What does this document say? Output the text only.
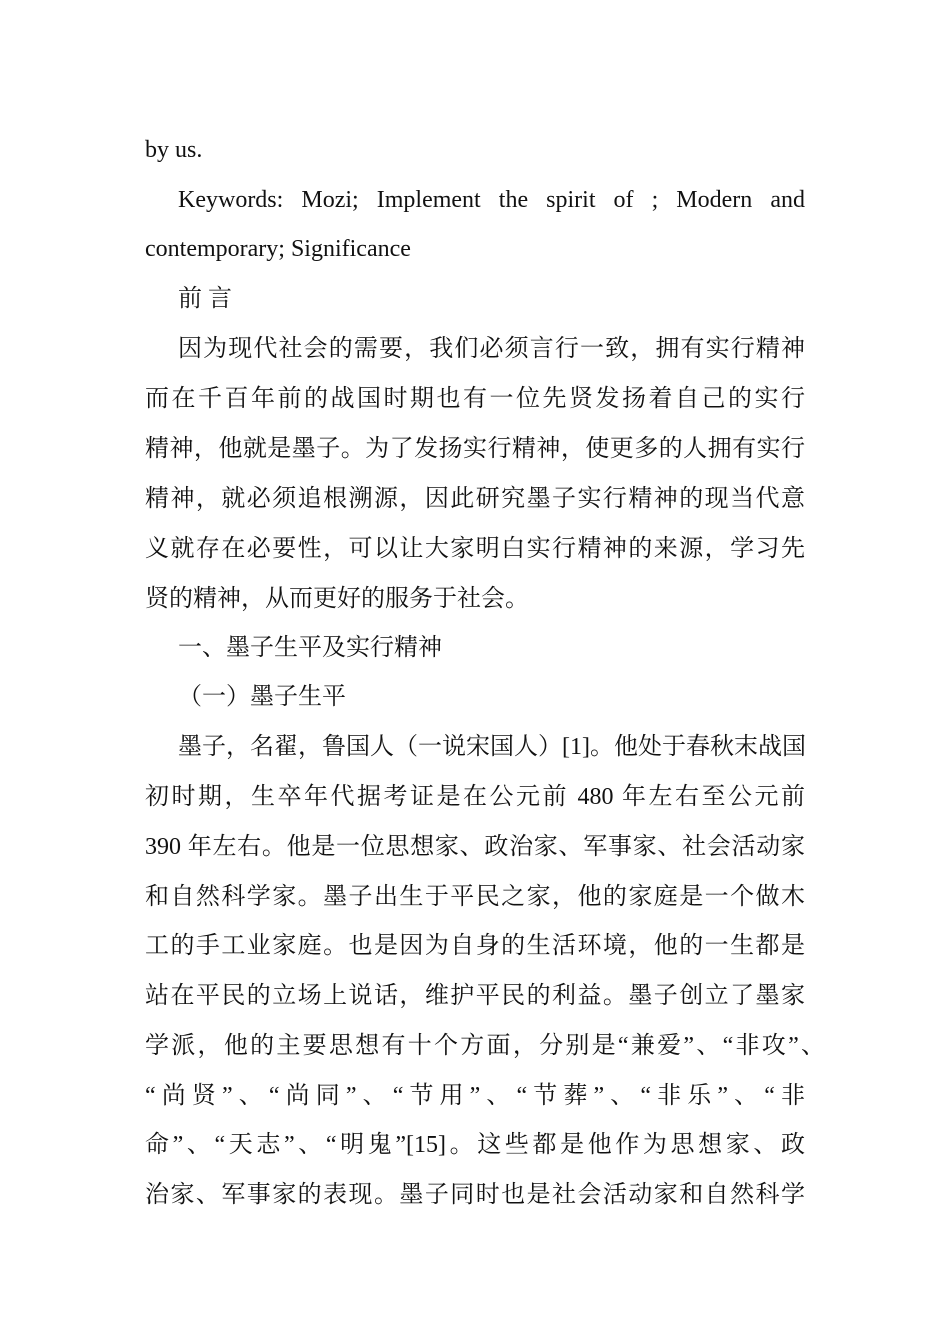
by us.
Keywords: Mozi; Implement the spirit of ; Modern and
contemporary; Significance
前 言
因为现代社会的需要，我们必须言行一致，拥有实行精神
而在千百年前的战国时期也有一位先贤发扬着自己的实行
精神，他就是墨子。为了发扬实行精神，使更多的人拥有实行
精神，就必须追根溯源，因此研究墨子实行精神的现当代意
义就存在必要性，可以让大家明白实行精神的来源，学习先
贤的精神，从而更好的服务于社会。
一、墨子生平及实行精神
（一）墨子生平
墨子，名翟，鲁国人（一说宋国人）[1]。他处于春秋末战国
初时期，生卒年代据考证是在公元前 480 年左右至公元前
390 年左右。他是一位思想家、政治家、军事家、社会活动家
和自然科学家。墨子出生于平民之家，他的家庭是一个做木
工的手工业家庭。也是因为自身的生活环境，他的一生都是
站在平民的立场上说话，维护平民的利益。墨子创立了墨家
学派，他的主要思想有十个方面，分别是“兼爱”、“非攻”、
“尚贤”、“尚同”、“节用”、“节葬”、“非乐”、“非
命”、“天志”、“明鬼”[15]。这些都是他作为思想家、政
治家、军事家的表现。墨子同时也是社会活动家和自然科学
